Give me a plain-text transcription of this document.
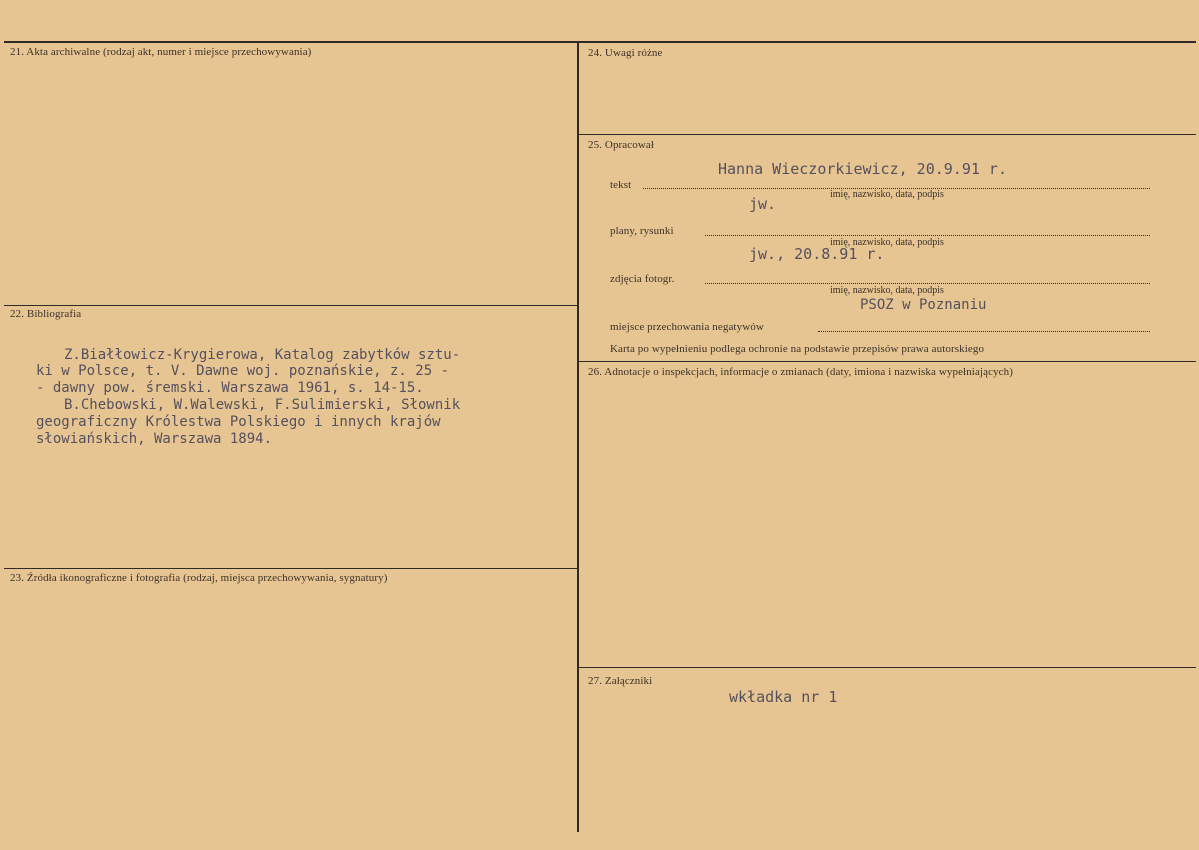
21. Akta archiwalne (rodzaj akt, numer i miejsce przechowywania)
22. Bibliografia
Z.Białłowicz-Krygierowa, Katalog zabytków sztu-
ki w Polsce, t. V. Dawne woj. poznańskie, z. 25 -
- dawny pow. śremski. Warszawa 1961, s. 14-15.
B.Chebowski, W.Walewski, F.Sulimierski, Słownik
geograficzny Królestwa Polskiego i innych krajów
słowiańskich, Warszawa 1894.
23. Źródła ikonograficzne i fotografia (rodzaj, miejsca przechowywania, sygnatury)
24. Uwagi różne
25. Opracował
Hanna Wieczorkiewicz, 20.9.91 r.
tekst
imię, nazwisko, data, podpis
jw.
plany, rysunki
imię, nazwisko, data, podpis
jw., 20.8.91 r.
zdjęcia fotogr.
imię, nazwisko, data, podpis
PSOZ w Poznaniu
miejsce przechowania negatywów
Karta po wypełnieniu podlega ochronie na podstawie przepisów prawa autorskiego
26. Adnotacje o inspekcjach, informacje o zmianach (daty, imiona i nazwiska wypełniających)
27. Załączniki
wkładka nr 1
